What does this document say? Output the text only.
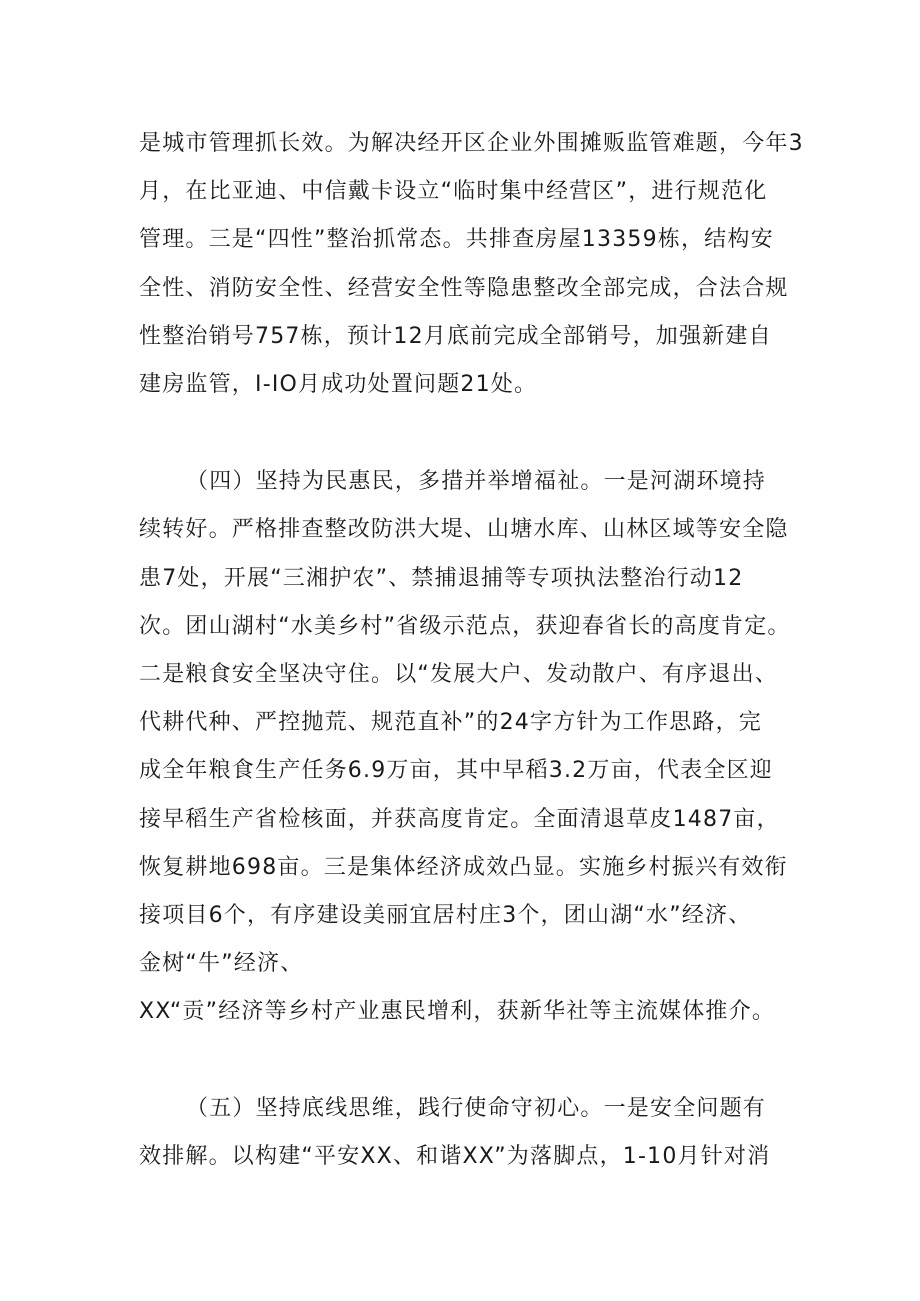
是城市管理抓长效。为解决经开区企业外围摊贩监管难题，今年3
月，在比亚迪、中信戴卡设立“临时集中经营区”，进行规范化
管理。三是“四性”整治抓常态。共排查房屋13359栋，结构安
全性、消防安全性、经营安全性等隐患整改全部完成，合法合规
性整治销号757栋，预计12月底前完成全部销号，加强新建自
建房监管，I-IO月成功处置问题21处。
（四）坚持为民惠民，多措并举增福祉。一是河湖环境持
续转好。严格排查整改防洪大堤、山塘水库、山林区域等安全隐
患7处，开展“三湘护农”、禁捕退捕等专项执法整治行动12
次。团山湖村“水美乡村”省级示范点，获迎春省长的高度肯定。
二是粮食安全坚决守住。以“发展大户、发动散户、有序退出、
代耕代种、严控抛荒、规范直补”的24字方针为工作思路，完
成全年粮食生产任务6.9万亩，其中早稻3.2万亩，代表全区迎
接早稻生产省检核面，并获高度肯定。全面清退草皮1487亩，
恢复耕地698亩。三是集体经济成效凸显。实施乡村振兴有效衔
接项目6个，有序建设美丽宜居村庄3个，团山湖“水”经济、
金树“牛”经济、
XX“贡”经济等乡村产业惠民增利，获新华社等主流媒体推介。
（五）坚持底线思维，践行使命守初心。一是安全问题有
效排解。以构建“平安XX、和谐XX”为落脚点，1-10月针对消
